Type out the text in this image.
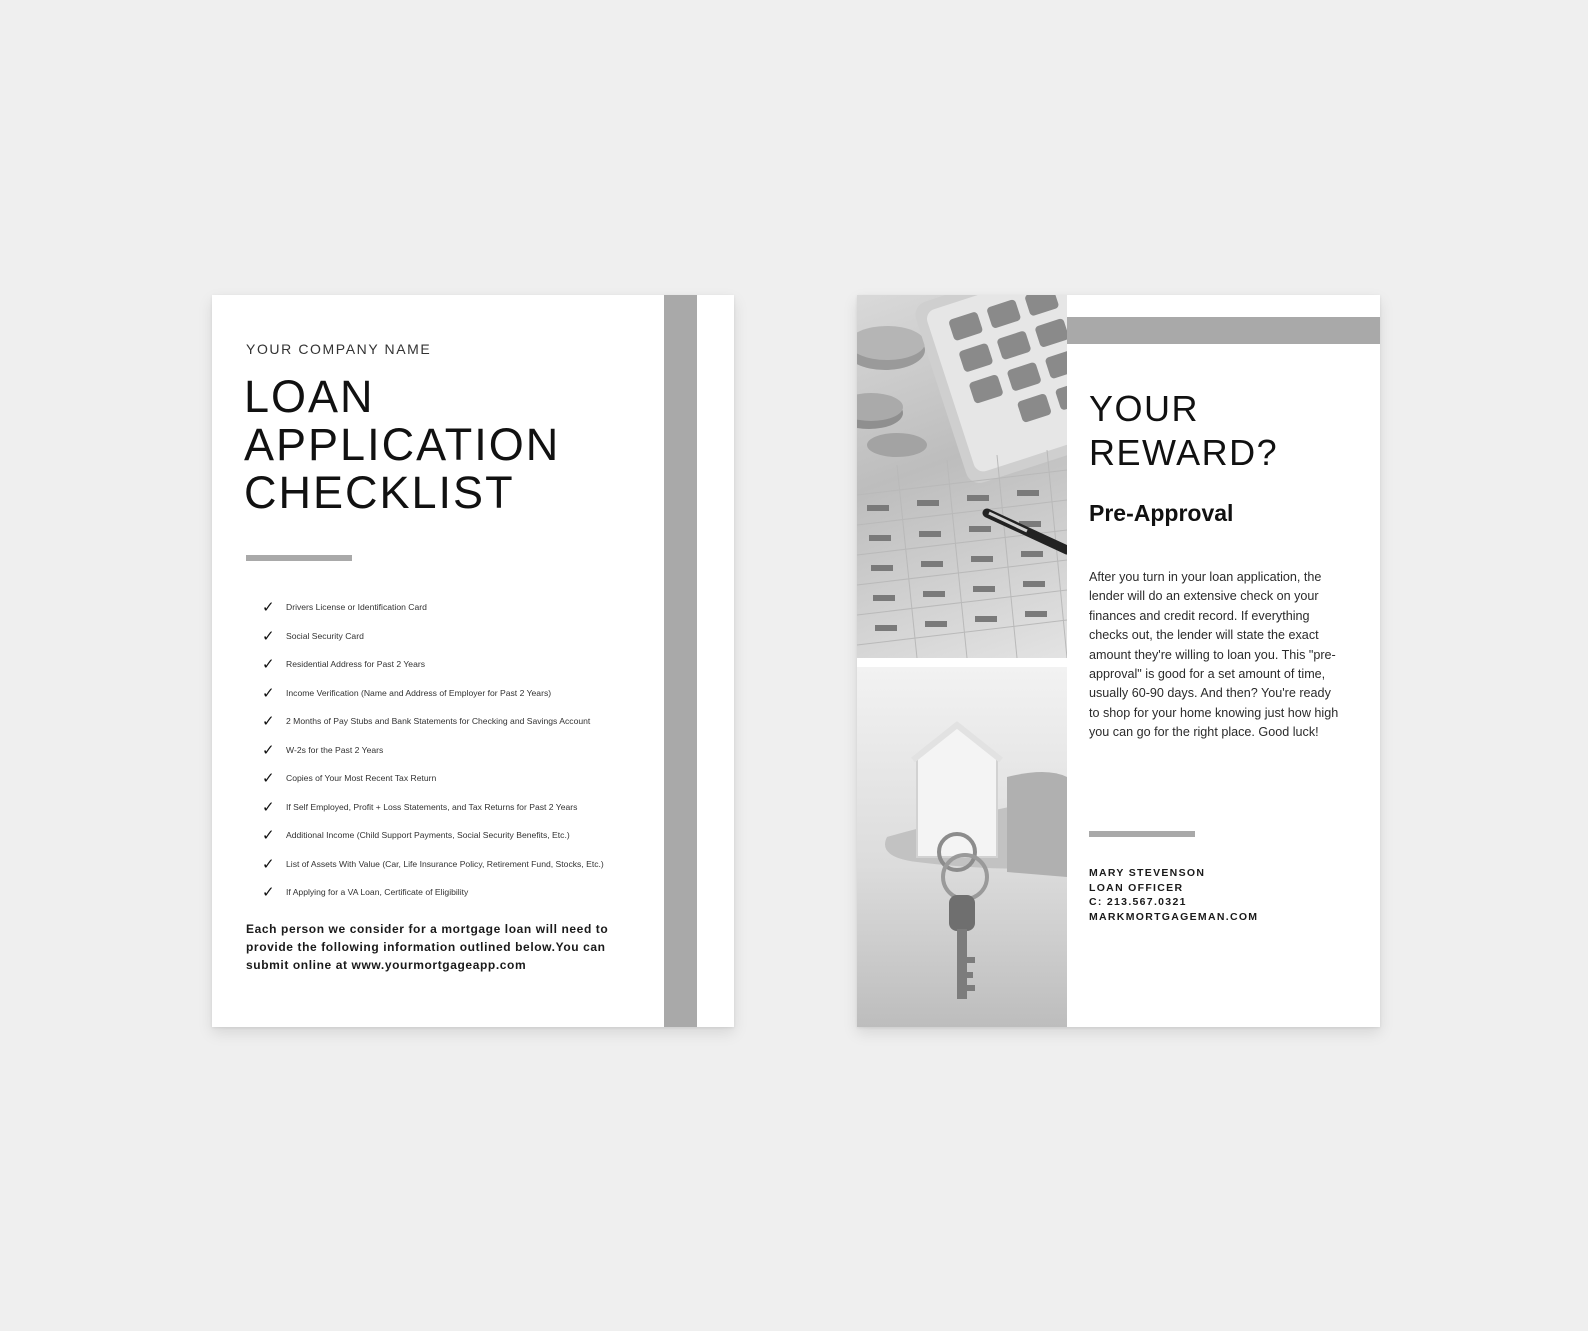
YOUR COMPANY NAME
LOAN
APPLICATION
CHECKLIST
✓	Drivers License or Identification Card
✓	Social Security Card
✓	Residential Address for Past 2 Years
✓	Income Verification (Name and Address of Employer for Past 2 Years)
✓	2 Months of Pay Stubs and Bank Statements for Checking and Savings Account
✓	W-2s for the Past 2 Years
✓	Copies of Your Most Recent Tax Return
✓	If Self Employed, Profit + Loss Statements, and Tax Returns for Past 2 Years
✓	Additional Income (Child Support Payments, Social Security Benefits, Etc.)
✓	List of Assets With Value (Car, Life Insurance Policy, Retirement Fund, Stocks, Etc.)
✓	If Applying for a VA Loan, Certificate of Eligibility

Each person we consider for a mortgage loan will need to provide the following information outlined below.You can submit online at www.yourmortgageapp.com

YOUR
REWARD?
Pre-Approval

After you turn in your loan application, the lender will do an extensive check on your finances and credit record. If everything checks out, the lender will state the exact amount they're willing to loan you. This "pre-approval" is good for a set amount of time, usually 60-90 days. And then? You're ready to shop for your home knowing just how high you can go for the right place. Good luck!

MARY STEVENSON
LOAN OFFICER
C: 213.567.0321
MARKMORTGAGEMAN.COM
